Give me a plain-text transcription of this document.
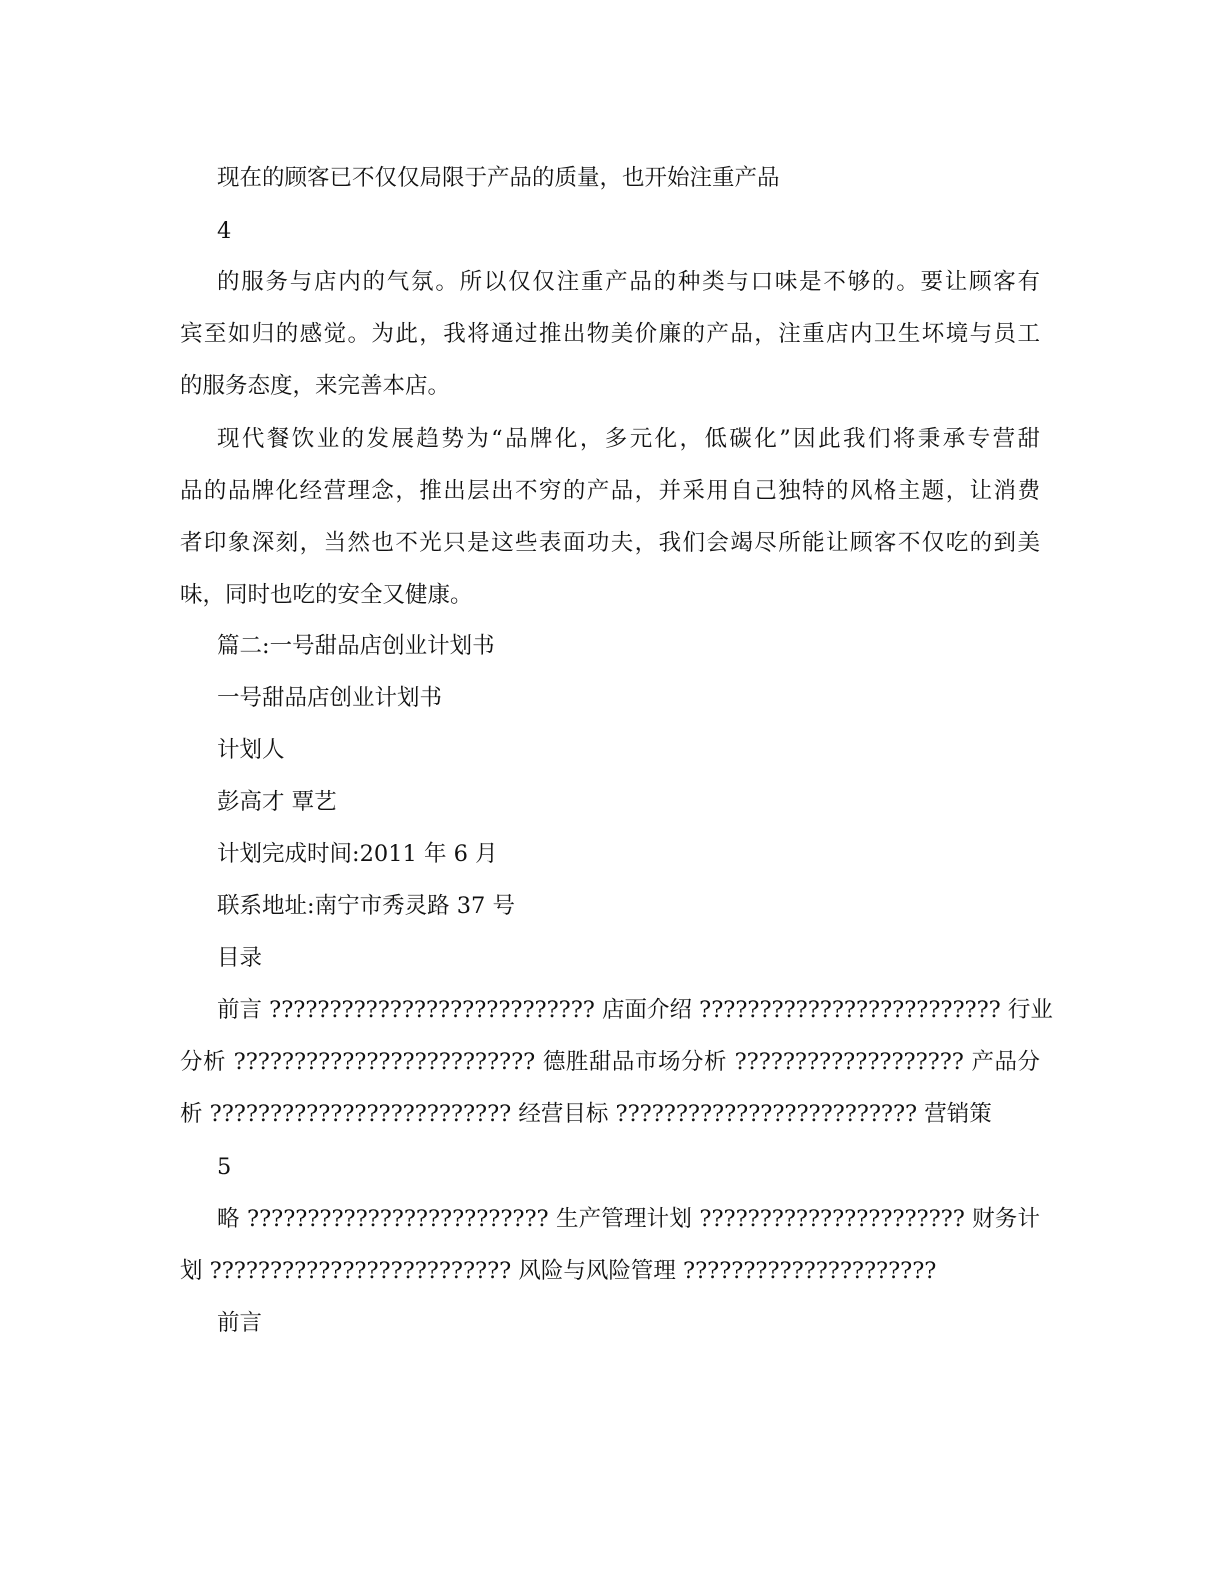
现在的顾客已不仅仅局限于产品的质量，也开始注重产品
4
的服务与店内的气氛。所以仅仅注重产品的种类与口味是不够的。要让顾客有
宾至如归的感觉。为此，我将通过推出物美价廉的产品，注重店内卫生坏境与员工
的服务态度，来完善本店。
现代餐饮业的发展趋势为“品牌化，多元化，低碳化”因此我们将秉承专营甜
品的品牌化经营理念，推出层出不穷的产品，并采用自己独特的风格主题，让消费
者印象深刻，当然也不光只是这些表面功夫，我们会竭尽所能让顾客不仅吃的到美
味，同时也吃的安全又健康。
篇二:一号甜品店创业计划书
一号甜品店创业计划书
计划人
彭高才 覃艺
计划完成时间:2011 年 6 月
联系地址:南宁市秀灵路 37 号
目录
前言 ??????????????????????????? 店面介绍 ????????????????????????? 行业
分析 ????????????????????????? 德胜甜品市场分析 ??????????????????? 产品分
析 ????????????????????????? 经营目标 ????????????????????????? 营销策
5
略 ????????????????????????? 生产管理计划 ?????????????????????? 财务计
划 ????????????????????????? 风险与风险管理 ?????????????????????
前言
